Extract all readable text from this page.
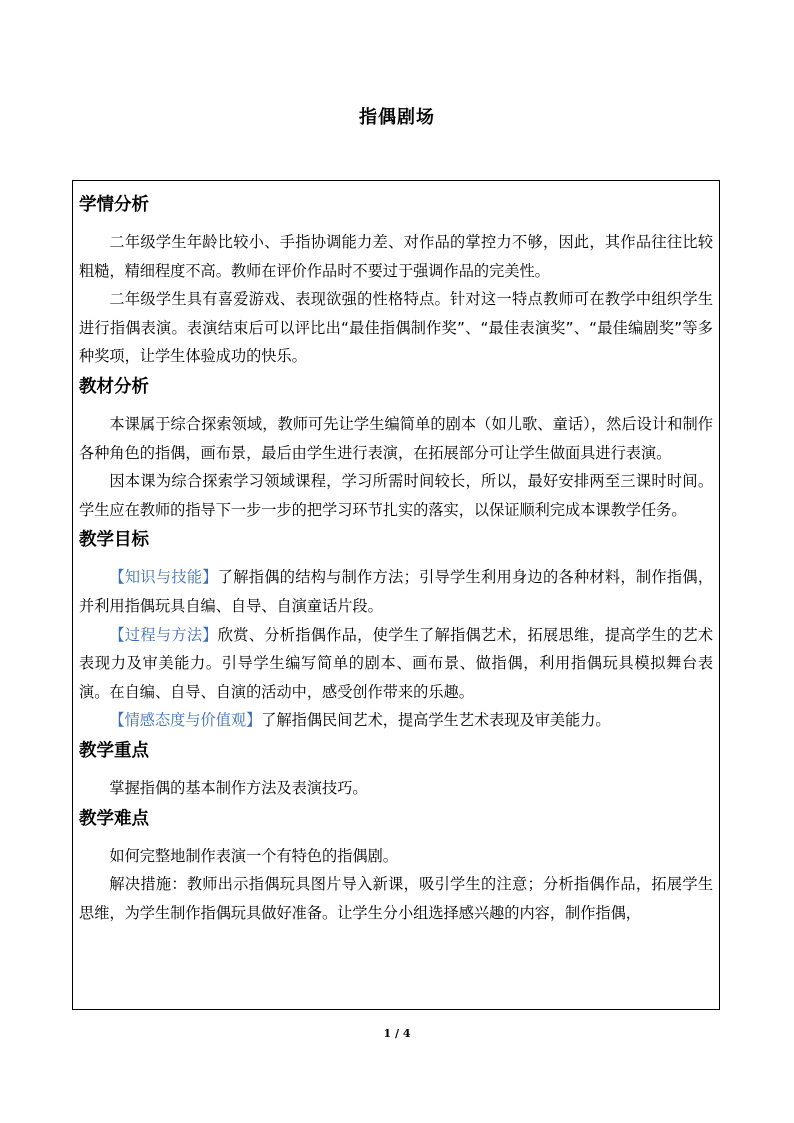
指偶剧场
学情分析

二年级学生年龄比较小、手指协调能力差、对作品的掌控力不够，因此，其作品往往比较粗糙，精细程度不高。教师在评价作品时不要过于强调作品的完美性。

二年级学生具有喜爱游戏、表现欲强的性格特点。针对这一特点教师可在教学中组织学生进行指偶表演。表演结束后可以评比出“最佳指偶制作奖”、“最佳表演奖”、“最佳编剧奖”等多种奖项，让学生体验成功的快乐。

教材分析

本课属于综合探索领域，教师可先让学生编简单的剧本（如儿歌、童话），然后设计和制作各种角色的指偶，画布景，最后由学生进行表演，在拓展部分可让学生做面具进行表演。

因本课为综合探索学习领域课程，学习所需时间较长，所以，最好安排两至三课时时间。学生应在教师的指导下一步一步的把学习环节扎实的落实，以保证顺利完成本课教学任务。

教学目标

【知识与技能】了解指偶的结构与制作方法；引导学生利用身边的各种材料，制作指偶，并利用指偶玩具自编、自导、自演童话片段。

【过程与方法】欣赏、分析指偶作品，使学生了解指偶艺术，拓展思维，提高学生的艺术表现力及审美能力。引导学生编写简单的剧本、画布景、做指偶，利用指偶玩具模拟舞台表演。在自编、自导、自演的活动中，感受创作带来的乐趣。

【情感态度与价值观】了解指偶民间艺术，提高学生艺术表现及审美能力。

教学重点

掌握指偶的基本制作方法及表演技巧。

教学难点

如何完整地制作表演一个有特色的指偶剧。

解决措施：教师出示指偶玩具图片导入新课，吸引学生的注意；分析指偶作品，拓展学生思维，为学生制作指偶玩具做好准备。让学生分小组选择感兴趣的内容，制作指偶，

1 / 4
